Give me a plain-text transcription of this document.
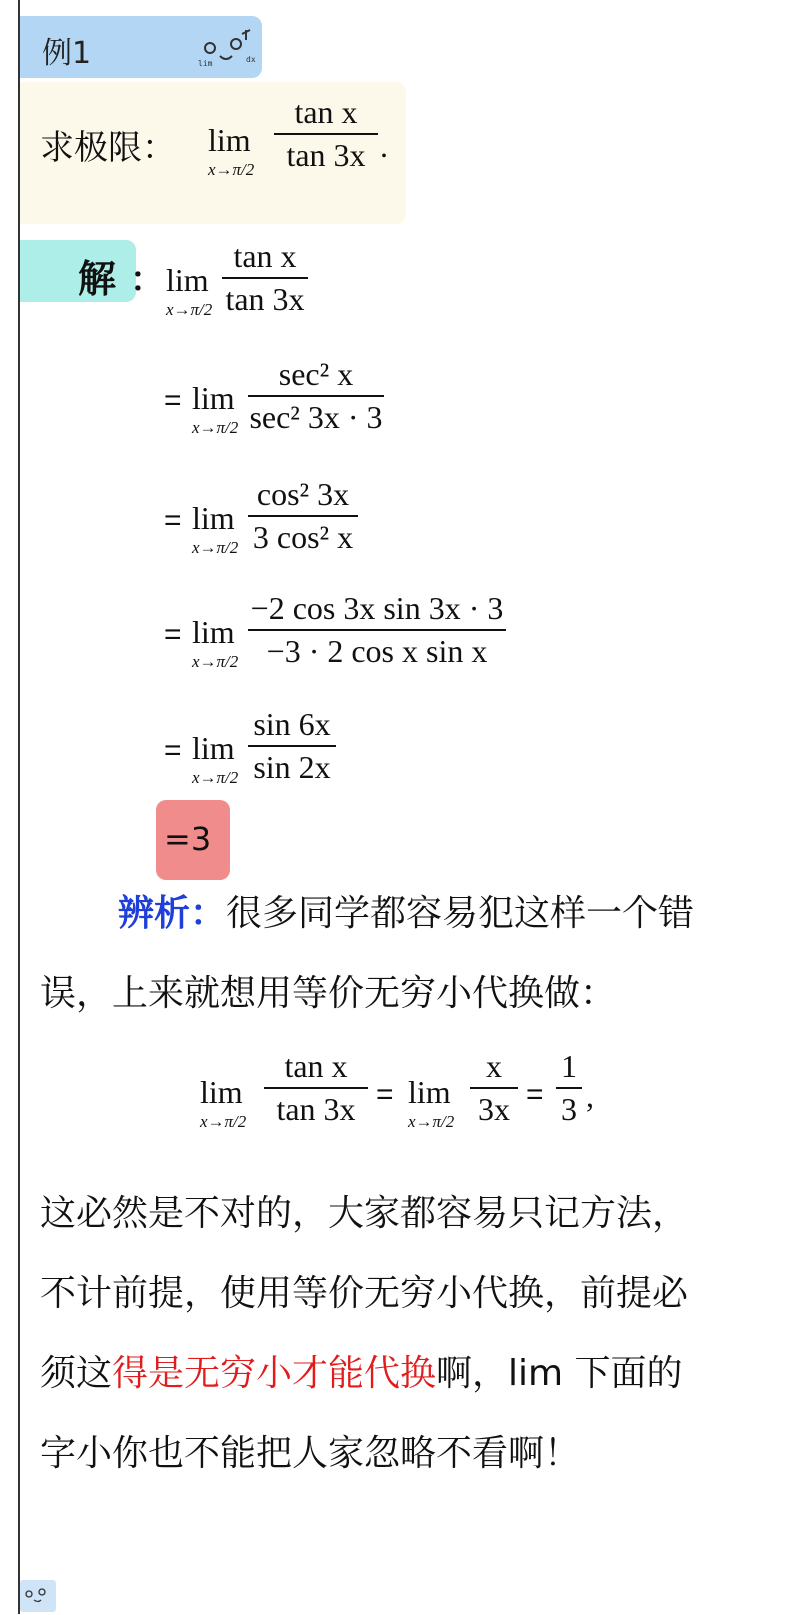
例1	lim	dx
求极限： lim
x→π/2
tan x
tan 3x .
解 ： lim
x→π/2
tan x
tan 3x
= lim
x→π/2
sec² x
sec² 3x · 3
= lim
x→π/2
cos² 3x
3 cos² x
= lim
x→π/2
−2 cos 3x sin 3x · 3
−3 · 2 cos x sin x
= lim
x→π/2
sin 6x
sin 2x
=3
辨析：很多同学都容易犯这样一个错
误，上来就想用等价无穷小代换做：
lim
x→π/2
tan x
tan 3x = lim
x→π/2
x
3x =
1
3 ,
这必然是不对的，大家都容易只记方法，
不计前提，使用等价无穷小代换，前提必
须这得是无穷小才能代换啊，lim 下面的
字小你也不能把人家忽略不看啊！
